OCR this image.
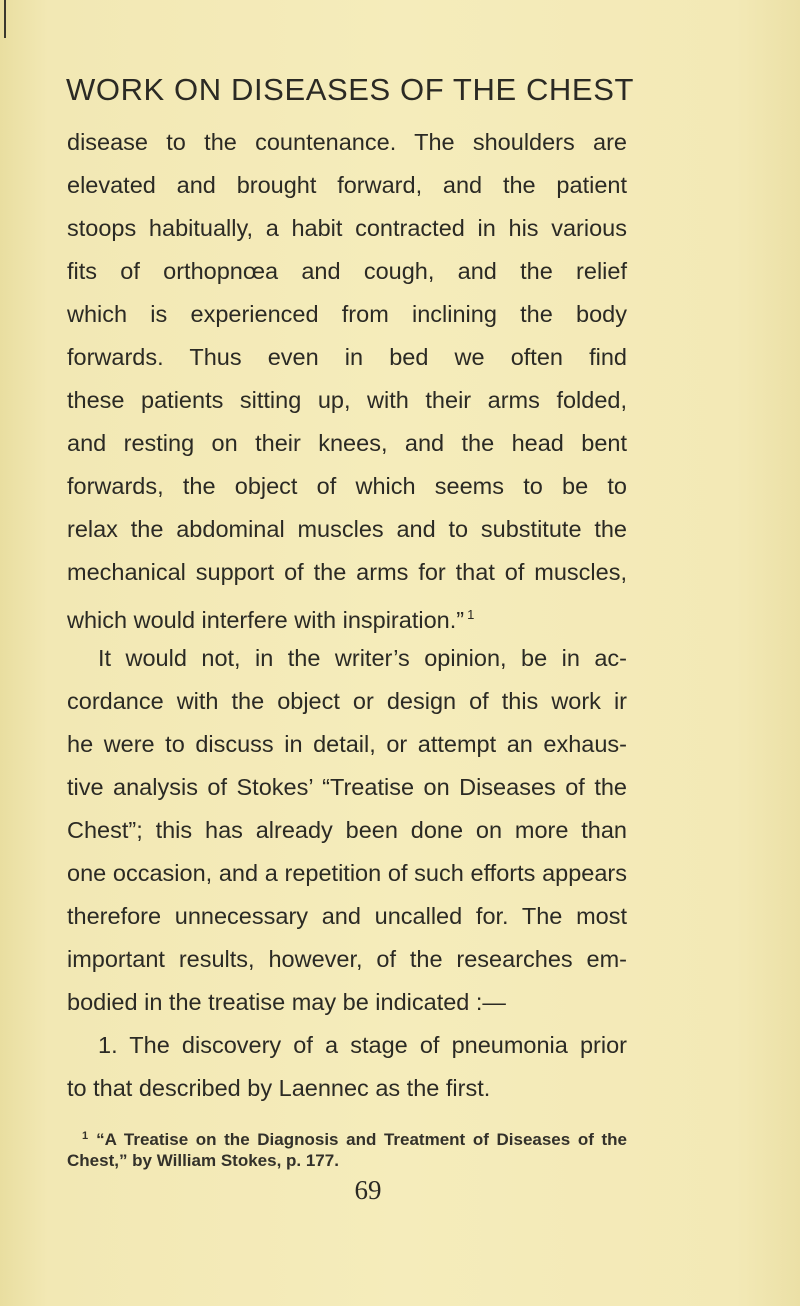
WORK ON DISEASES OF THE CHEST
disease to the countenance. The shoulders are
elevated and brought forward, and the patient
stoops habitually, a habit contracted in his various
fits of orthopnœa and cough, and the relief
which is experienced from inclining the body
forwards. Thus even in bed we often find
these patients sitting up, with their arms folded,
and resting on their knees, and the head bent
forwards, the object of which seems to be to
relax the abdominal muscles and to substitute the
mechanical support of the arms for that of muscles,
which would interfere with inspiration.” $^1$
It would not, in the writer’s opinion, be in ac-
cordance with the object or design of this work ir
he were to discuss in detail, or attempt an exhaus-
tive analysis of Stokes’ “Treatise on Diseases of the
Chest”; this has already been done on more than
one occasion, and a repetition of such efforts appears
therefore unnecessary and uncalled for. The most
important results, however, of the researches em-
bodied in the treatise may be indicated :—
1. The discovery of a stage of pneumonia prior
to that described by Laennec as the first.
$^1$ “A Treatise on the Diagnosis and Treatment of Diseases of the
Chest,” by William Stokes, p. 177.
69
